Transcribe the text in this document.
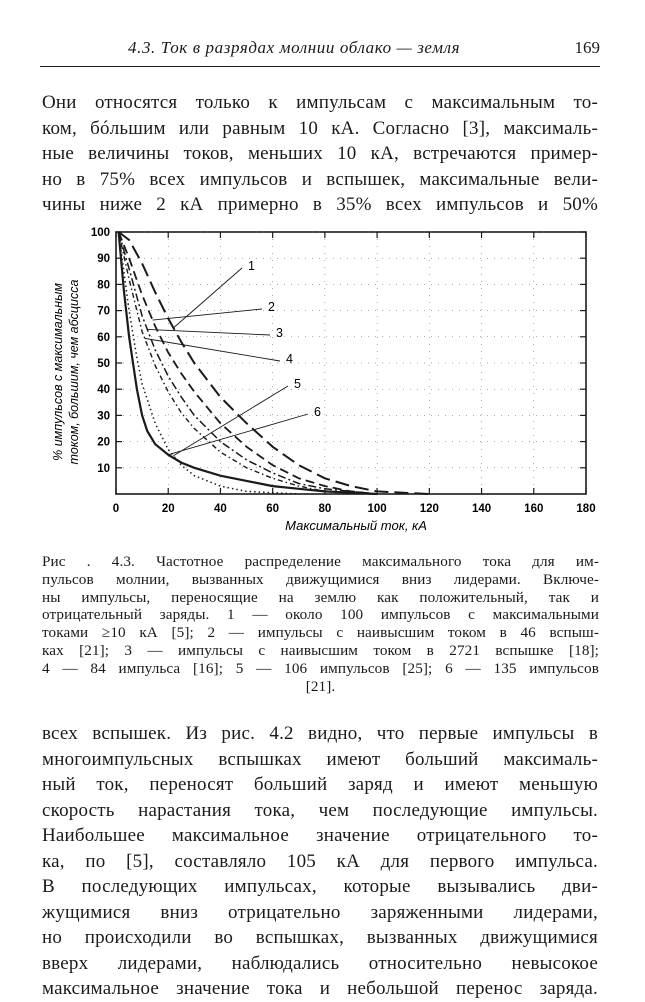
4.3. Ток в разрядах молнии облако — земля	169
Они относятся только к импульсам с максимальным то-
ком, бóльшим или равным 10 кА. Согласно [3], максималь-
ные величины токов, меньших 10 кА, встречаются пример-
но в 75% всех импульсов и вспышек, максимальные вели-
чины ниже 2 кА примерно в 35% всех импульсов и 50%
10
20
30
40
50
60
70
80
90
100
0	20	40	60	80	100	120	140	160	180
1
2
3
4
5
6
% импульсов с максимальным током, большим, чем абсцисса
Максимальный ток, кА
Рис . 4.3. Частотное распределение максимального тока для им-
пульсов молнии, вызванных движущимися вниз лидерами. Включе-
ны импульсы, переносящие на землю как положительный, так и
отрицательный заряды. 1 — около 100 импульсов с максимальными
токами ≥10 кА [5]; 2 — импульсы с наивысшим током в 46 вспыш-
ках [21]; 3 — импульсы с наивысшим током в 2721 вспышке [18];
4 — 84 импульса [16]; 5 — 106 импульсов [25]; 6 — 135 импульсов
[21].
всех вспышек. Из рис. 4.2 видно, что первые импульсы в
многоимпульсных вспышках имеют больший максималь-
ный ток, переносят больший заряд и имеют меньшую
скорость нарастания тока, чем последующие импульсы.
Наибольшее максимальное значение отрицательного то-
ка, по [5], составляло 105 кА для первого импульса.
В последующих импульсах, которые вызывались дви-
жущимися вниз отрицательно заряженными лидерами,
но происходили во вспышках, вызванных движущимися
вверх лидерами, наблюдались относительно невысокое
максимальное значение тока и небольшой перенос заряда.
